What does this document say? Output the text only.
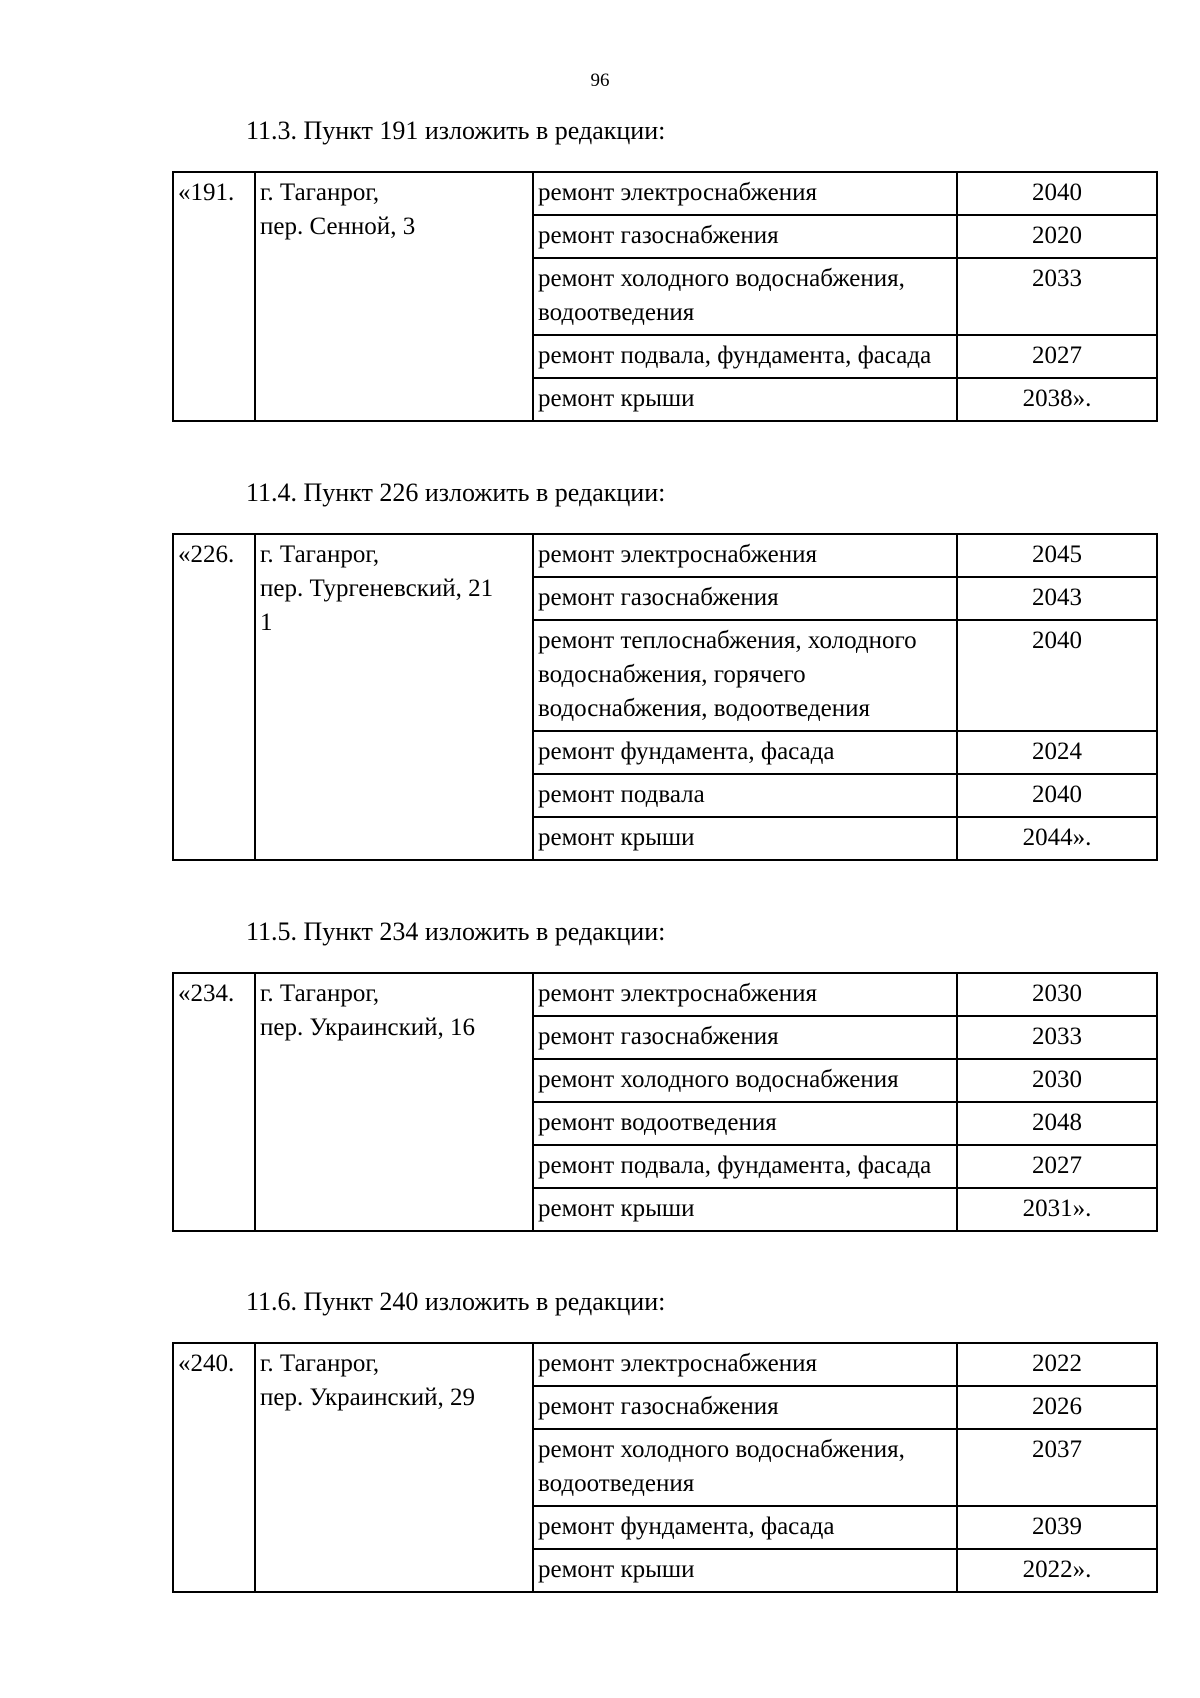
96
11.3. Пункт 191 изложить в редакции:
«191.	г. Таганрог,
пер. Сенной, 3	ремонт электроснабжения	2040
		ремонт газоснабжения	2020
		ремонт холодного водоснабжения, водоотведения	2033
		ремонт подвала, фундамента, фасада	2027
		ремонт крыши	2038».
11.4. Пункт 226 изложить в редакции:
«226.	г. Таганрог,
пер. Тургеневский, 21
1	ремонт электроснабжения	2045
		ремонт газоснабжения	2043
		ремонт теплоснабжения, холодного водоснабжения, горячего водоснабжения, водоотведения	2040
		ремонт фундамента, фасада	2024
		ремонт подвала	2040
		ремонт крыши	2044».
11.5. Пункт 234 изложить в редакции:
«234.	г. Таганрог,
пер. Украинский, 16	ремонт электроснабжения	2030
		ремонт газоснабжения	2033
		ремонт холодного водоснабжения	2030
		ремонт водоотведения	2048
		ремонт подвала, фундамента, фасада	2027
		ремонт крыши	2031».
11.6. Пункт 240 изложить в редакции:
«240.	г. Таганрог,
пер. Украинский, 29	ремонт электроснабжения	2022
		ремонт газоснабжения	2026
		ремонт холодного водоснабжения, водоотведения	2037
		ремонт фундамента, фасада	2039
		ремонт крыши	2022».
